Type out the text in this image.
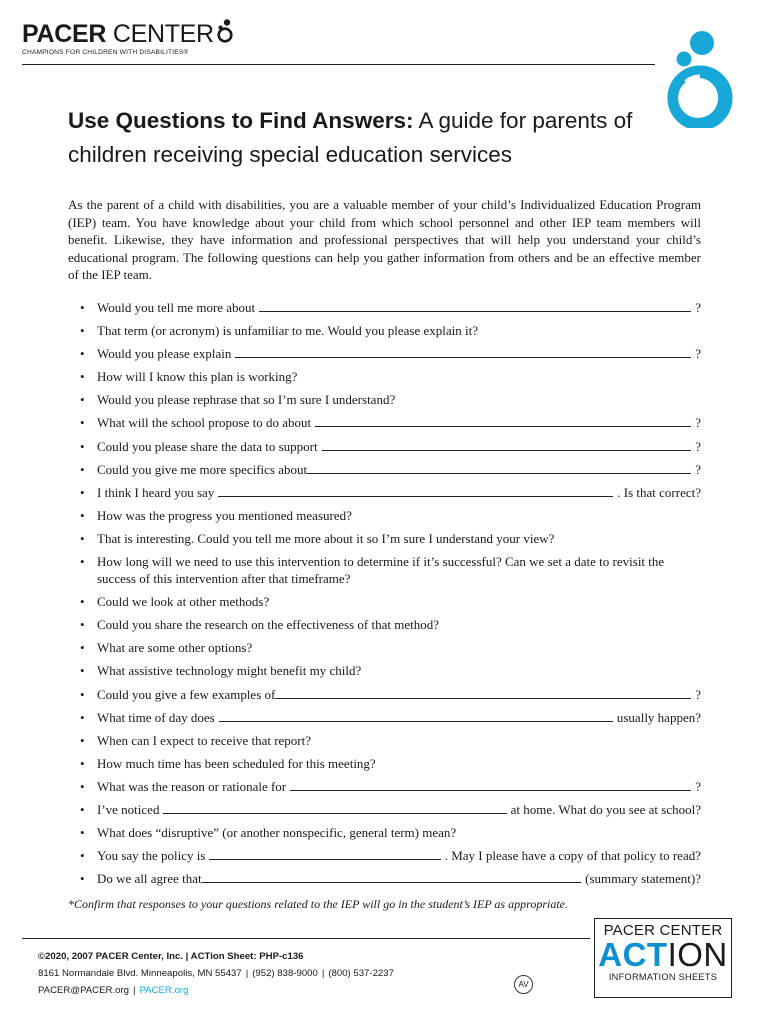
PACER CENTER
CHAMPIONS FOR CHILDREN WITH DISABILITIES®
Use Questions to Find Answers: A guide for parents of children receiving special education services

As the parent of a child with disabilities, you are a valuable member of your child’s Individualized Education Program (IEP) team. You have knowledge about your child from which school personnel and other IEP team members will benefit. Likewise, they have information and professional perspectives that will help you understand your child’s educational program. The following questions can help you gather information from others and be an effective member of the IEP team.

• Would you tell me more about	?
• That term (or acronym) is unfamiliar to me. Would you please explain it?
• Would you please explain	?
• How will I know this plan is working?
• Would you please rephrase that so I’m sure I understand?
• What will the school propose to do about	?
• Could you please share the data to support	?
• Could you give me more specifics about	?
• I think I heard you say	. Is that correct?
• How was the progress you mentioned measured?
• That is interesting. Could you tell me more about it so I’m sure I understand your view?
• How long will we need to use this intervention to determine if it’s successful? Can we set a date to revisit the success of this intervention after that timeframe?
• Could we look at other methods?
• Could you share the research on the effectiveness of that method?
• What are some other options?
• What assistive technology might benefit my child?
• Could you give a few examples of	?
• What time of day does	usually happen?
• When can I expect to receive that report?
• How much time has been scheduled for this meeting?
• What was the reason or rationale for	?
• I’ve noticed	at home. What do you see at school?
• What does “disruptive” (or another nonspecific, general term) mean?
• You say the policy is	. May I please have a copy of that policy to read?
• Do we all agree that	(summary statement)?
*Confirm that responses to your questions related to the IEP will go in the student’s IEP as appropriate.
©2020, 2007 PACER Center, Inc. | ACTion Sheet: PHP-c136
8161 Normandale Blvd. Minneapolis, MN 55437 | (952) 838-9000 | (800) 537-2237
PACER@PACER.org | PACER.org
AV
PACER CENTER
ACTION
INFORMATION SHEETS
